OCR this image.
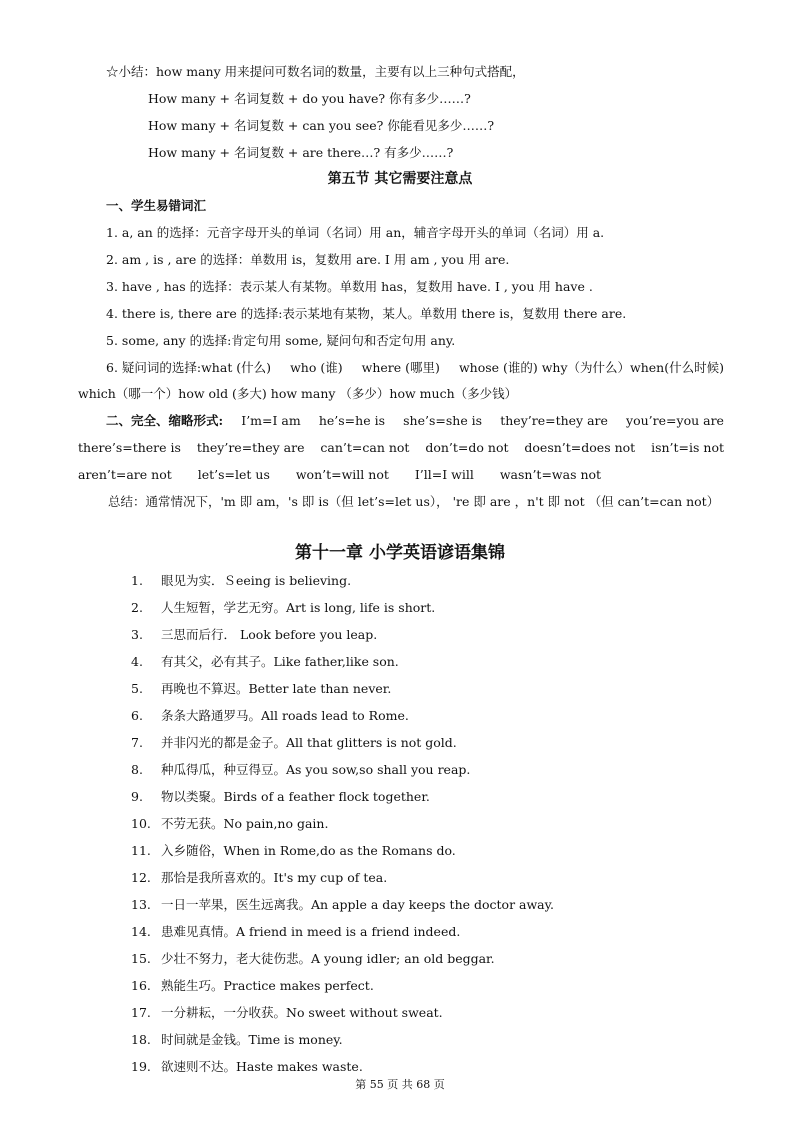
☆小结：how many 用来提问可数名词的数量，主要有以上三种句式搭配，
How many + 名词复数 + do you have? 你有多少……?
How many + 名词复数 + can you see? 你能看见多少……?
How many + 名词复数 + are there…? 有多少……?
第五节 其它需要注意点
一、学生易错词汇
1. a, an 的选择：元音字母开头的单词（名词）用 an，辅音字母开头的单词（名词）用 a.
2. am , is , are 的选择：单数用 is，复数用 are. I 用 am , you 用 are.
3. have , has 的选择：表示某人有某物。单数用 has，复数用 have. I , you 用 have .
4. there is, there are 的选择:表示某地有某物，某人。单数用 there is，复数用 there are.
5. some, any 的选择:肯定句用 some, 疑问句和否定句用 any.
6. 疑问词的选择:what (什么) who (谁) where (哪里) whose (谁的) why（为什么）when(什么时候)
which（哪一个）how old (多大) how many （多少）how much（多少钱）
二、完全、缩略形式: I’m=I am he’s=he is she’s=she is they’re=they are you’re=you are
there’s=there is they’re=they are can’t=can not don’t=do not doesn’t=does not isn’t=is not
aren’t=are not let’s=let us won’t=will not I’ll=I will wasn’t=was not
总结：通常情况下，'m 即 am，'s 即 is（但 let’s=let us）， 're 即 are ，n't 即 not （但 can’t=can not）
第十一章 小学英语谚语集锦
1. 眼见为实．Ｓeeing is believing.
2. 人生短暂，学艺无穷。Art is long, life is short.
3. 三思而后行． Look before you leap.
4. 有其父，必有其子。Like father,like son.
5. 再晚也不算迟。Better late than never.
6. 条条大路通罗马。All roads lead to Rome.
7. 并非闪光的都是金子。All that glitters is not gold.
8. 种瓜得瓜，种豆得豆。As you sow,so shall you reap.
9. 物以类聚。Birds of a feather flock together.
10. 不劳无获。No pain,no gain.
11. 入乡随俗，When in Rome,do as the Romans do.
12. 那恰是我所喜欢的。It's my cup of tea.
13. 一日一苹果，医生远离我。An apple a day keeps the doctor away.
14. 患难见真情。A friend in meed is a friend indeed.
15. 少壮不努力，老大徒伤悲。A young idler; an old beggar.
16. 熟能生巧。Practice makes perfect.
17. 一分耕耘，一分收获。No sweet without sweat.
18. 时间就是金钱。Time is money.
19. 欲速则不达。Haste makes waste.
第 55 页 共 68 页
